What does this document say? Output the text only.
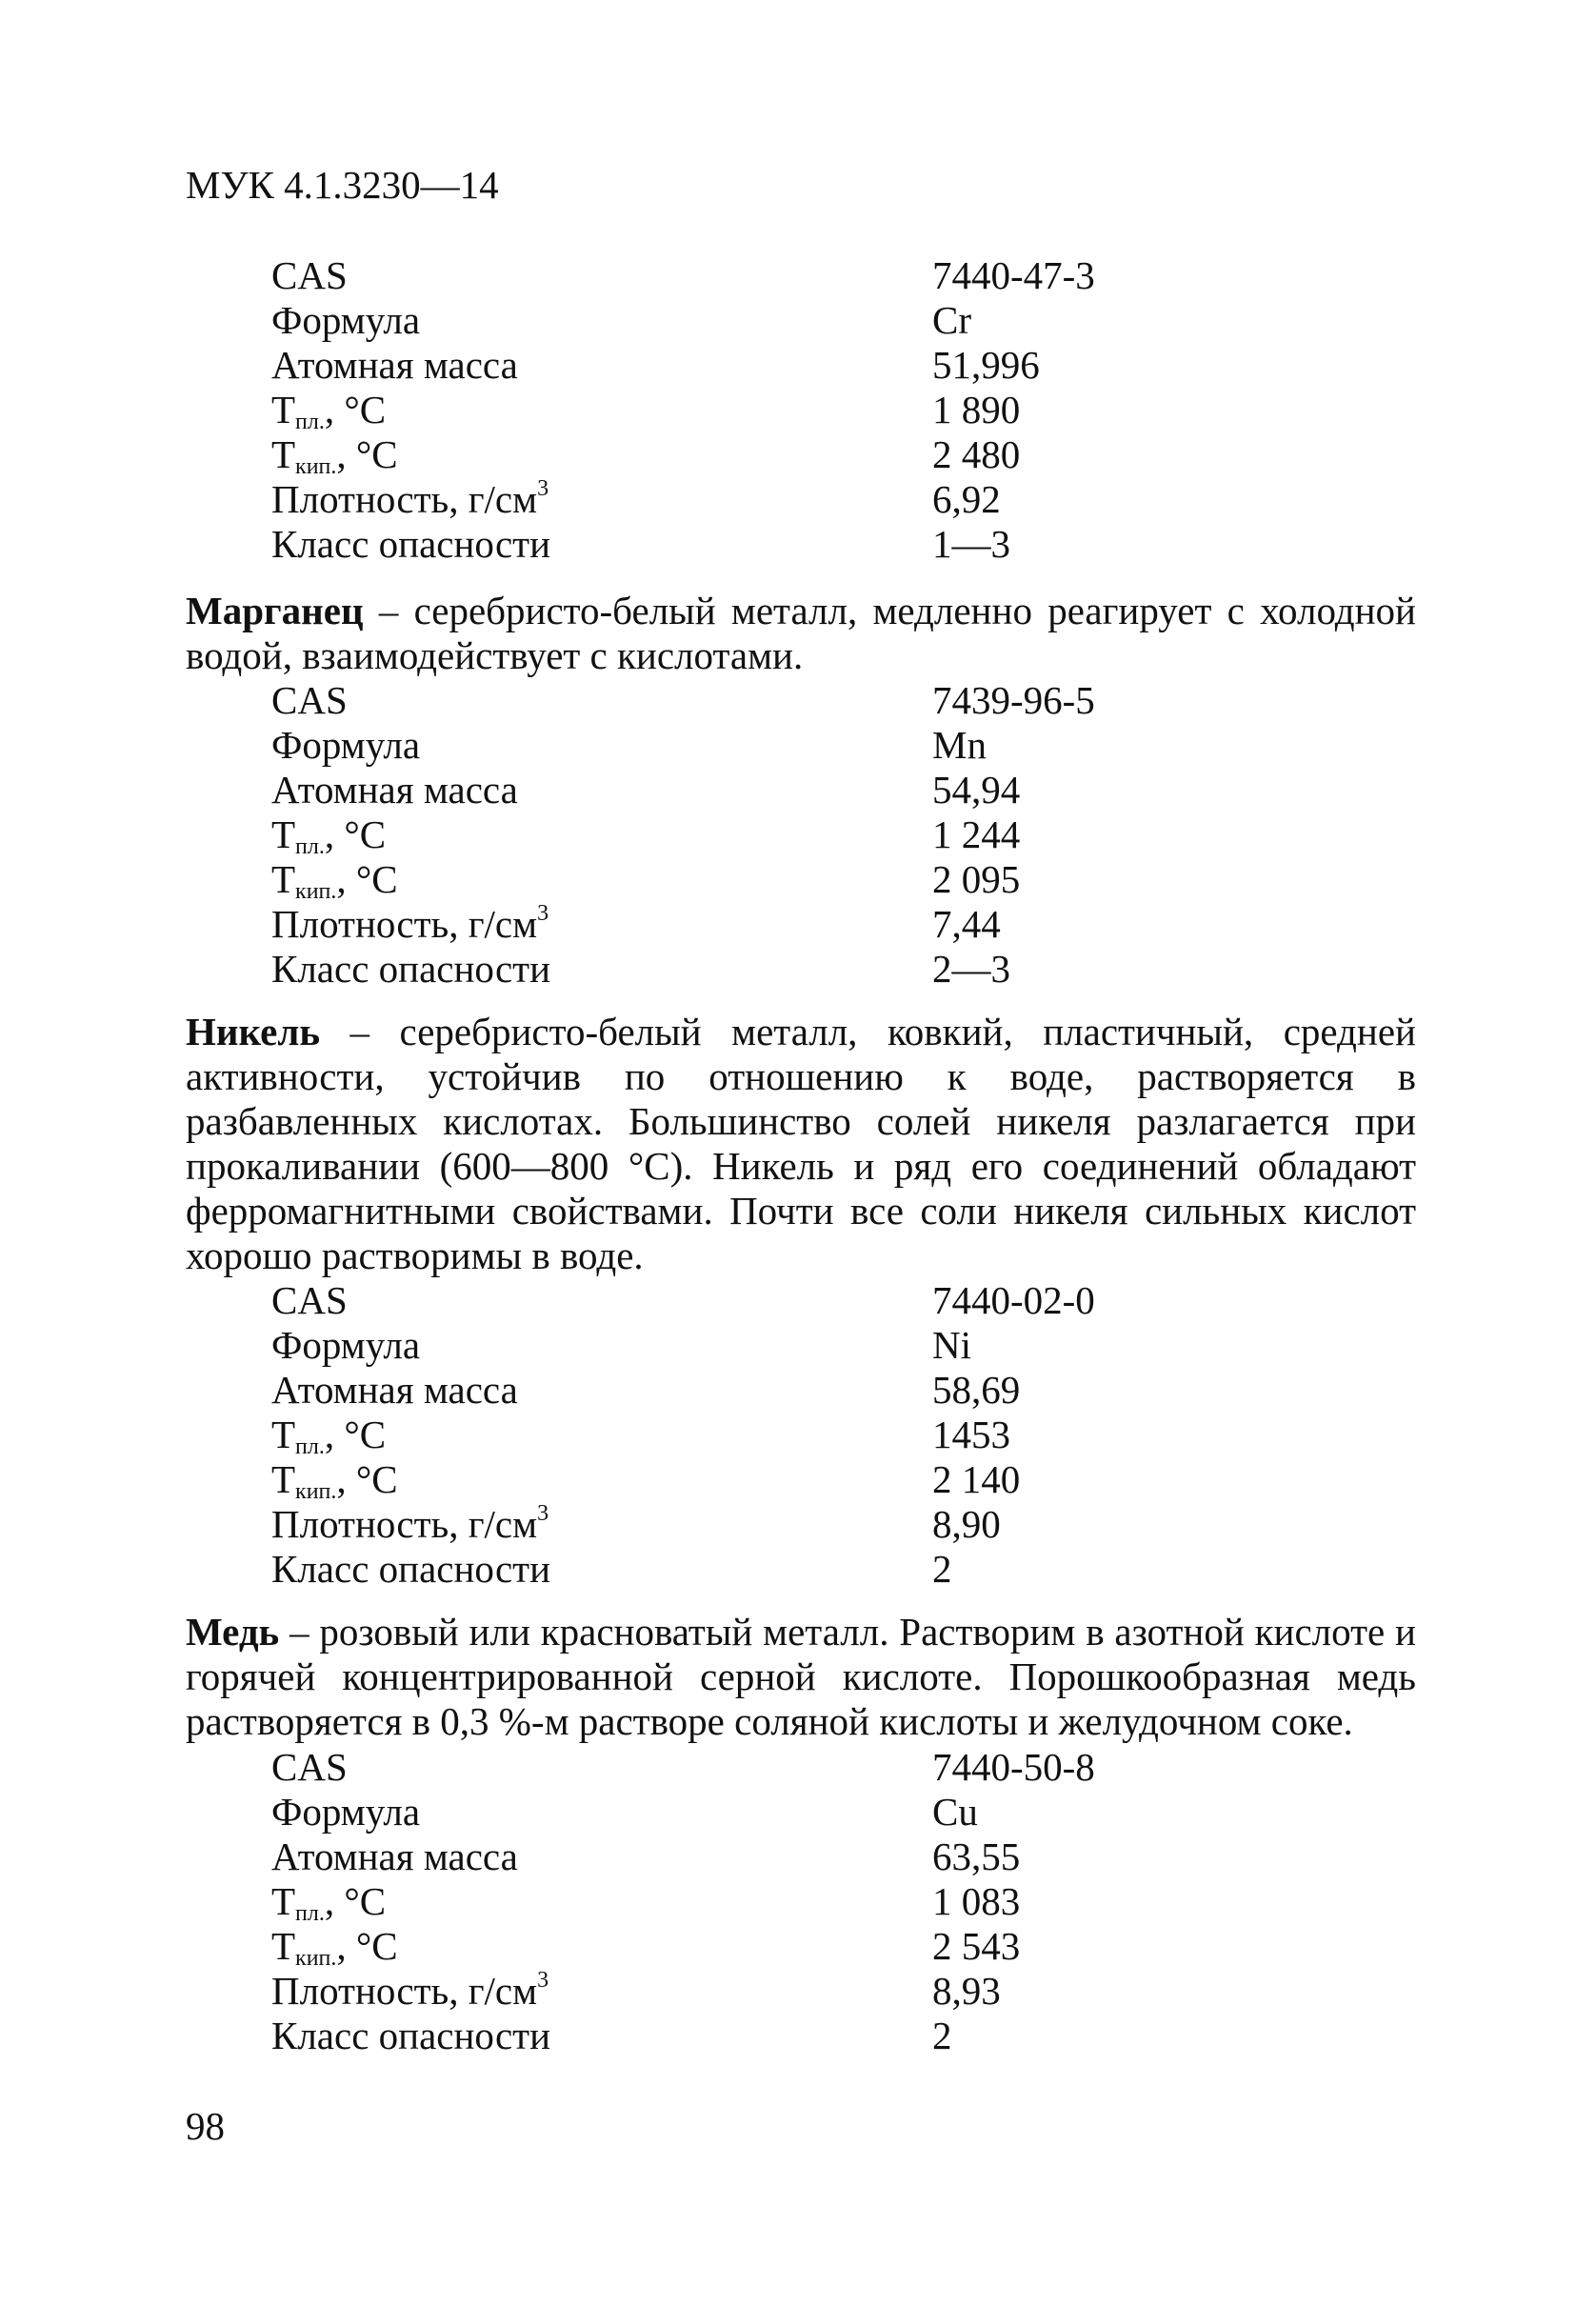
МУК 4.1.3230—14
CAS	7440-47-3
Формула	Cr
Атомная масса	51,996
$Т_{пл.}$, °С	1 890
$Т_{кип.}$, °С	2 480
Плотность, $г/см^3$	6,92
Класс опасности	1—3

Марганец – серебристо-белый металл, медленно реагирует с холодной водой, взаимодействует с кислотами.

CAS	7439-96-5
Формула	Mn
Атомная масса	54,94
$Т_{пл.}$, °С	1 244
$Т_{кип.}$, °С	2 095
Плотность, $г/см^3$	7,44
Класс опасности	2—3

Никель – серебристо-белый металл, ковкий, пластичный, средней активности, устойчив по отношению к воде, растворяется в разбавленных кислотах. Большинство солей никеля разлагается при прокаливании (600—800 °С). Никель и ряд его соединений обладают ферромагнитными свойствами. Почти все соли никеля сильных кислот хорошо растворимы в воде.

CAS	7440-02-0
Формула	Ni
Атомная масса	58,69
$Т_{пл.}$, °С	1453
$Т_{кип.}$, °С	2 140
Плотность, $г/см^3$	8,90
Класс опасности	2

Медь – розовый или красноватый металл. Растворим в азотной кислоте и горячей концентрированной серной кислоте. Порошкообразная медь растворяется в 0,3 %-м растворе соляной кислоты и желудочном соке.

CAS	7440-50-8
Формула	Cu
Атомная масса	63,55
$Т_{пл.}$, °С	1 083
$Т_{кип.}$, °С	2 543
Плотность, $г/см^3$	8,93
Класс опасности	2
98
